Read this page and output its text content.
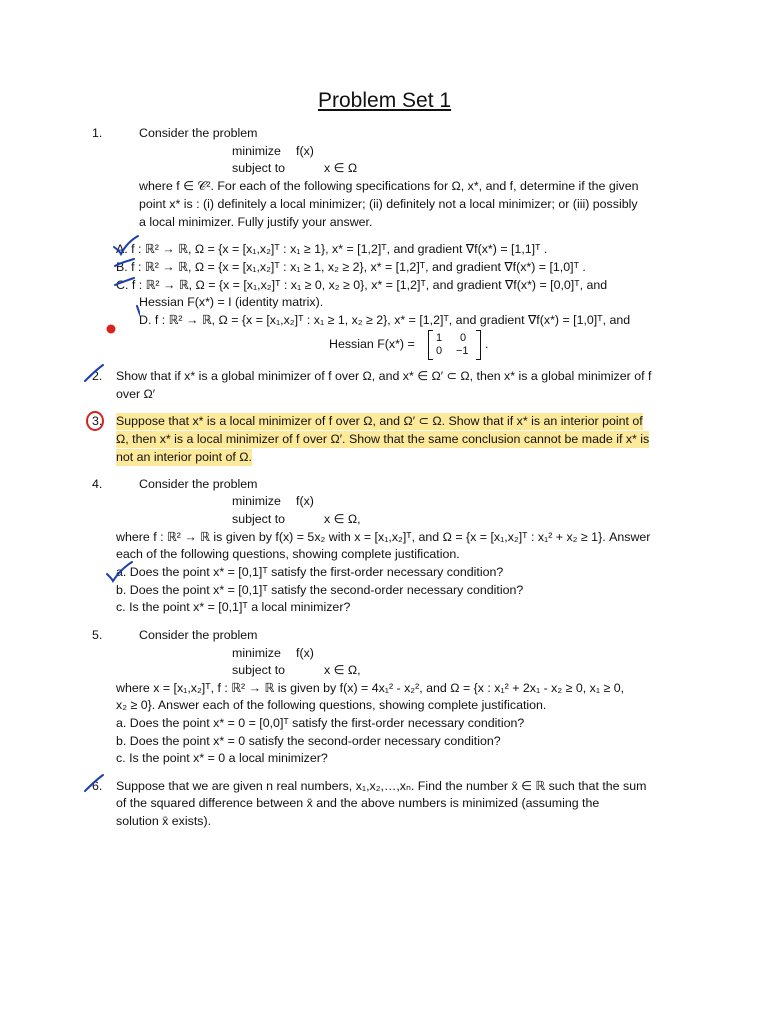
Problem Set 1
1.	Consider the problem
minimize f(x)
subject to	x ∈ Ω
where f ∈ 𝒞². For each of the following specifications for Ω, x*, and f, determine if the given
point x* is : (i) definitely a local minimizer; (ii) definitely not a local minimizer; or (iii) possibly
a local minimizer. Fully justify your answer.
A. f : ℝ² → ℝ, Ω = {x = [x₁,x₂]ᵀ : x₁ ≥ 1}, x* = [1,2]ᵀ, and gradient ∇f(x*) = [1,1]ᵀ .
B. f : ℝ² → ℝ, Ω = {x = [x₁,x₂]ᵀ : x₁ ≥ 1, x₂ ≥ 2}, x* = [1,2]ᵀ, and gradient ∇f(x*) = [1,0]ᵀ .
C. f : ℝ² → ℝ, Ω = {x = [x₁,x₂]ᵀ : x₁ ≥ 0, x₂ ≥ 0}, x* = [1,2]ᵀ, and gradient ∇f(x*) = [0,0]ᵀ, and
Hessian F(x*) = I (identity matrix).
D. f : ℝ² → ℝ, Ω = {x = [x₁,x₂]ᵀ : x₁ ≥ 1, x₂ ≥ 2}, x* = [1,2]ᵀ, and gradient ∇f(x*) = [1,0]ᵀ, and
Hessian F(x*) = 1 0
0 −1 .
2. Show that if x* is a global minimizer of f over Ω, and x* ∈ Ω′ ⊂ Ω, then x* is a global minimizer of f
over Ω′
3. Suppose that x* is a local minimizer of f over Ω, and Ω′ ⊂ Ω. Show that if x* is an interior point of
Ω, then x* is a local minimizer of f over Ω′. Show that the same conclusion cannot be made if x* is
not an interior point of Ω.
4.	Consider the problem
minimize f(x)
subject to	x ∈ Ω,
where f : ℝ² → ℝ is given by f(x) = 5x₂ with x = [x₁,x₂]ᵀ, and Ω = {x = [x₁,x₂]ᵀ : x₁² + x₂ ≥ 1}. Answer
each of the following questions, showing complete justification.
a. Does the point x* = [0,1]ᵀ satisfy the first-order necessary condition?
b. Does the point x* = [0,1]ᵀ satisfy the second-order necessary condition?
c. Is the point x* = [0,1]ᵀ a local minimizer?
5.	Consider the problem
minimize f(x)
subject to	x ∈ Ω,
where x = [x₁,x₂]ᵀ, f : ℝ² → ℝ is given by f(x) = 4x₁² - x₂², and Ω = {x : x₁² + 2x₁ - x₂ ≥ 0, x₁ ≥ 0,
x₂ ≥ 0}. Answer each of the following questions, showing complete justification.
a. Does the point x* = 0 = [0,0]ᵀ satisfy the first-order necessary condition?
b. Does the point x* = 0 satisfy the second-order necessary condition?
c. Is the point x* = 0 a local minimizer?
6. Suppose that we are given n real numbers, x₁,x₂,…,xₙ. Find the number x̄ ∈ ℝ such that the sum
of the squared difference between x̄ and the above numbers is minimized (assuming the
solution x̄ exists).
